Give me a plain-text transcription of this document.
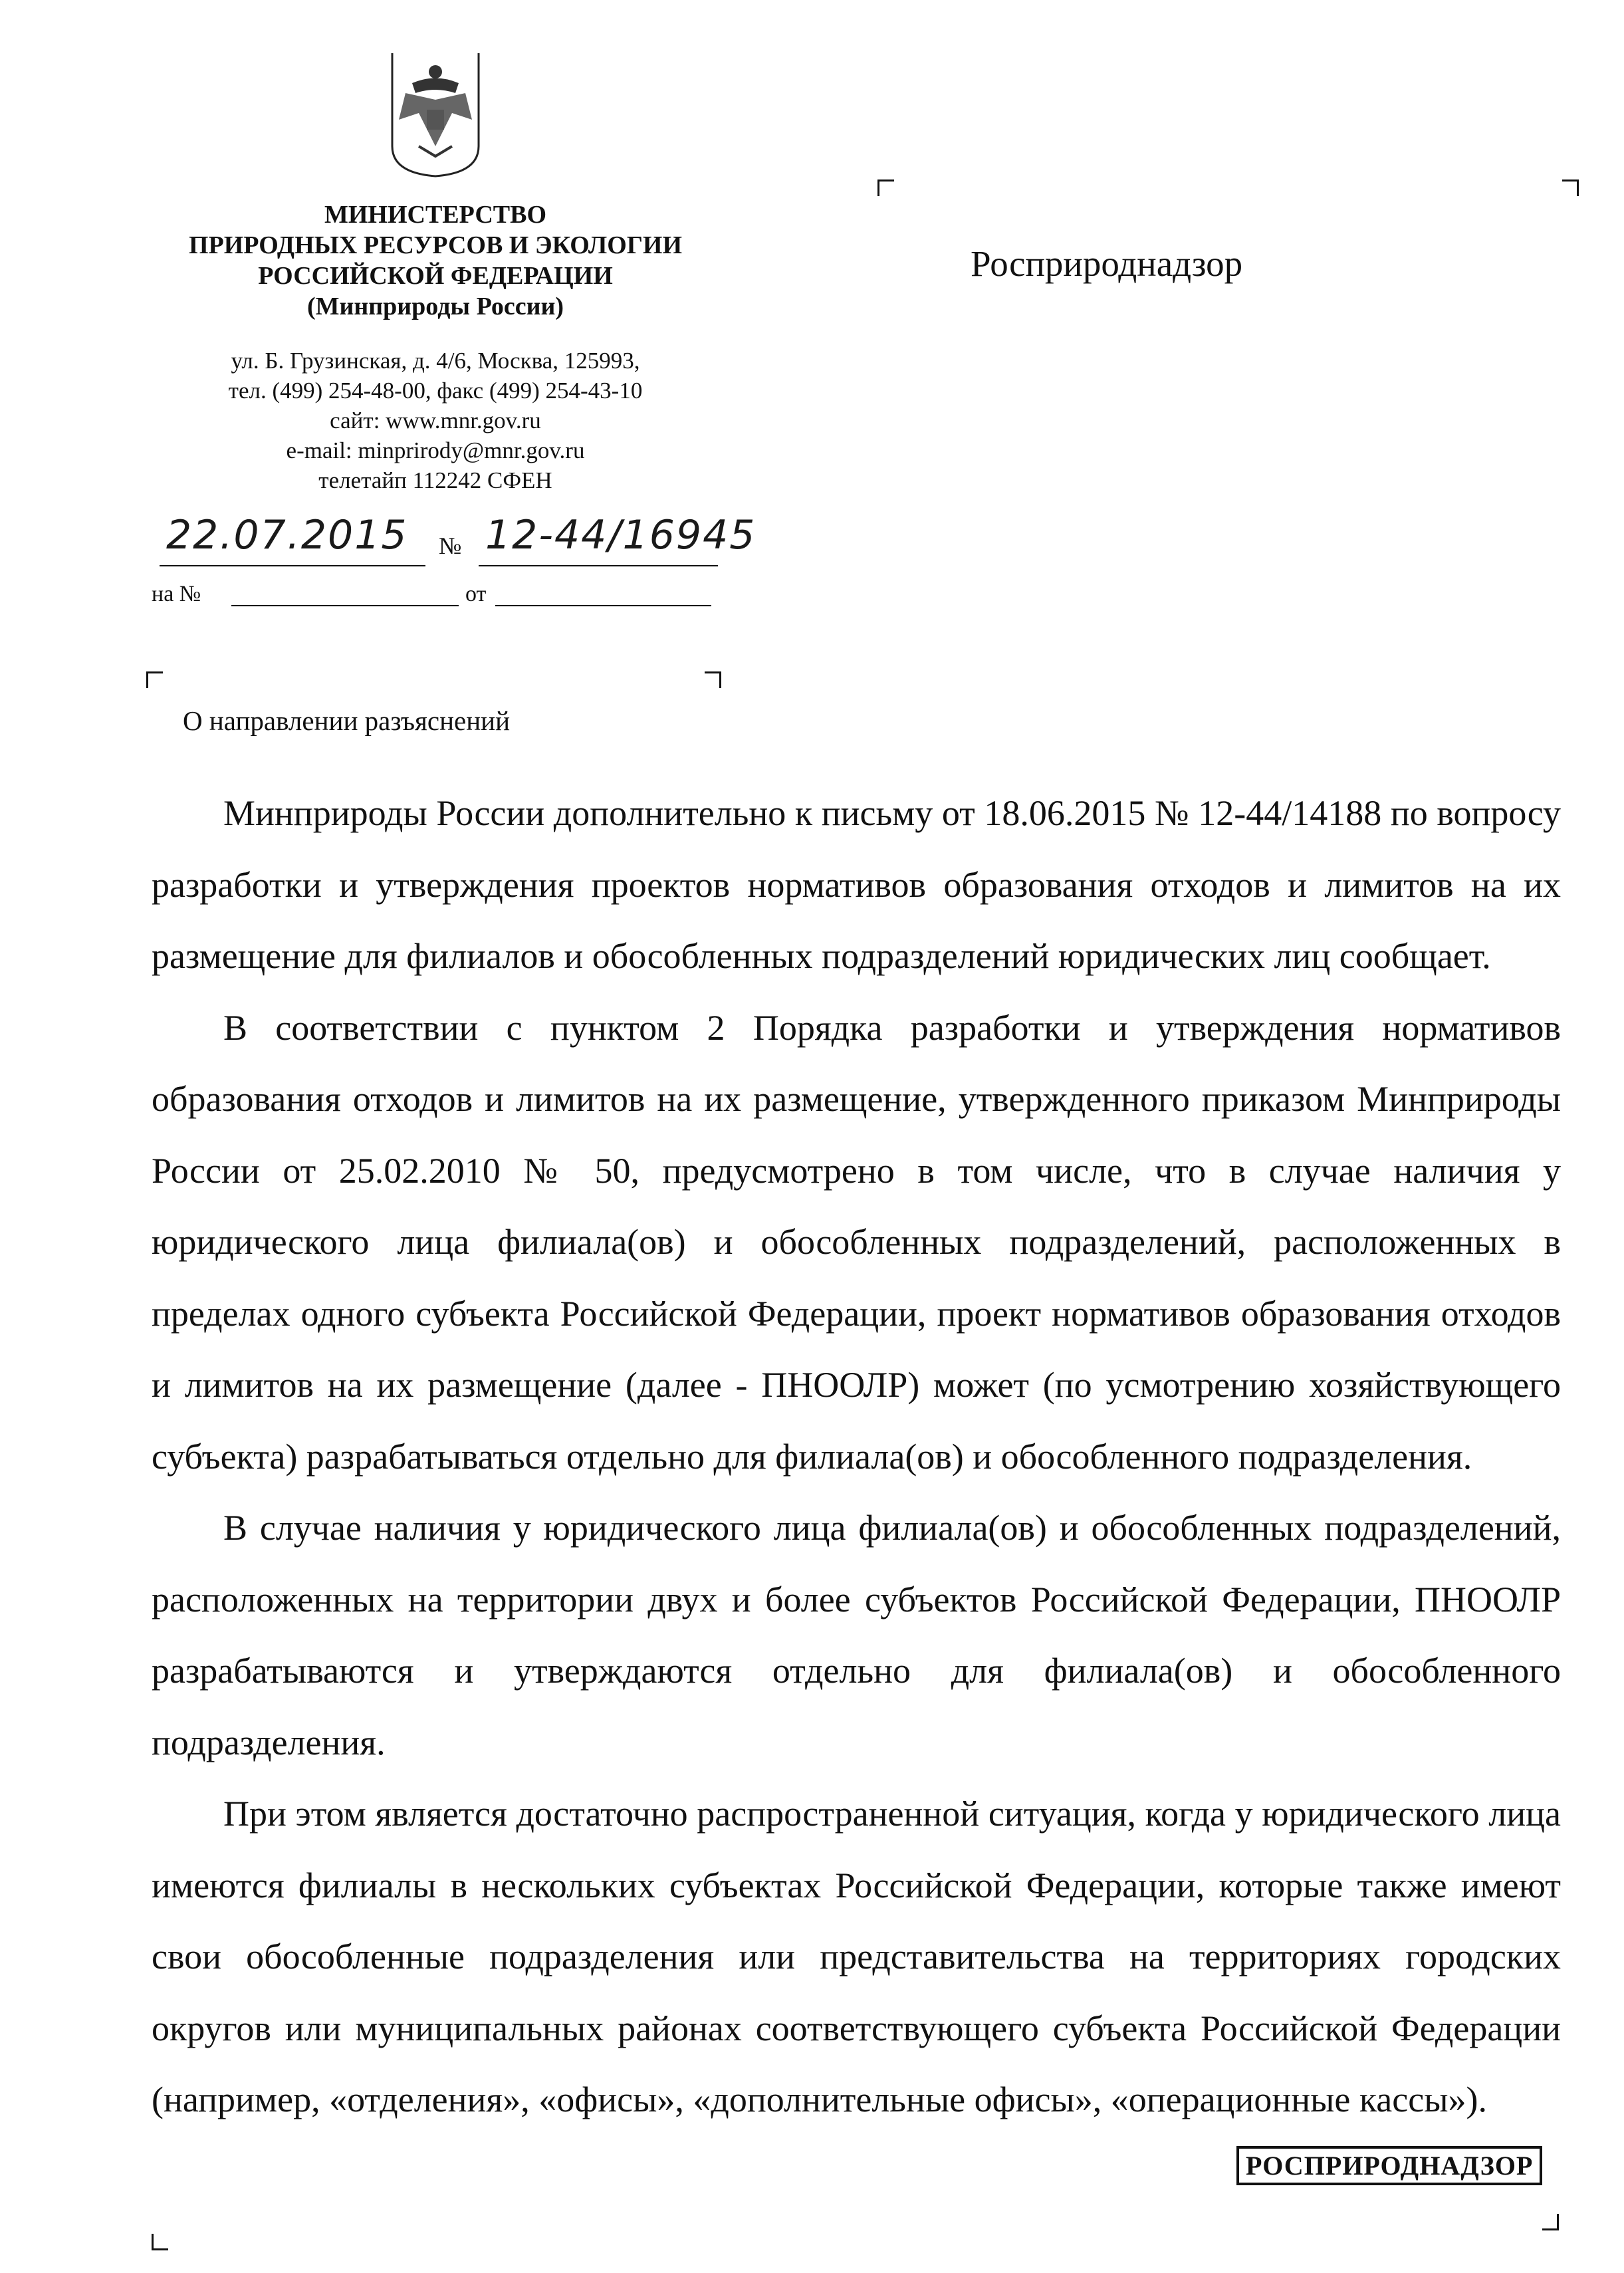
МИНИСТЕРСТВО
ПРИРОДНЫХ РЕСУРСОВ И ЭКОЛОГИИ
РОССИЙСКОЙ ФЕДЕРАЦИИ
(Минприроды России)
ул. Б. Грузинская, д. 4/6, Москва, 125993,
тел. (499) 254-48-00, факс (499) 254-43-10
сайт: www.mnr.gov.ru
e-mail: minprirody@mnr.gov.ru
телетайп 112242 СФЕН
22.07.2015 № 12-44/16945
на №	от
Росприроднадзор
О направлении разъяснений

Минприроды России дополнительно к письму от 18.06.2015 № 12-44/14188 по вопросу разработки и утверждения проектов нормативов образования отходов и лимитов на их размещение для филиалов и обособленных подразделений юридических лиц сообщает.

В соответствии с пунктом 2 Порядка разработки и утверждения нормативов образования отходов и лимитов на их размещение, утвержденного приказом Минприроды России от 25.02.2010 № 50, предусмотрено в том числе, что в случае наличия у юридического лица филиала(ов) и обособленных подразделений, расположенных в пределах одного субъекта Российской Федерации, проект нормативов образования отходов и лимитов на их размещение (далее - ПНООЛР) может (по усмотрению хозяйствующего субъекта) разрабатываться отдельно для филиала(ов) и обособленного подразделения.

В случае наличия у юридического лица филиала(ов) и обособленных подразделений, расположенных на территории двух и более субъектов Российской Федерации, ПНООЛР разрабатываются и утверждаются отдельно для филиала(ов) и обособленного подразделения.

При этом является достаточно распространенной ситуация, когда у юридического лица имеются филиалы в нескольких субъектах Российской Федерации, которые также имеют свои обособленные подразделения или представительства на территориях городских округов или муниципальных районах соответствующего субъекта Российской Федерации (например, «отделения», «офисы», «дополнительные офисы», «операционные кассы»).

РОСПРИРОДНАДЗОР
